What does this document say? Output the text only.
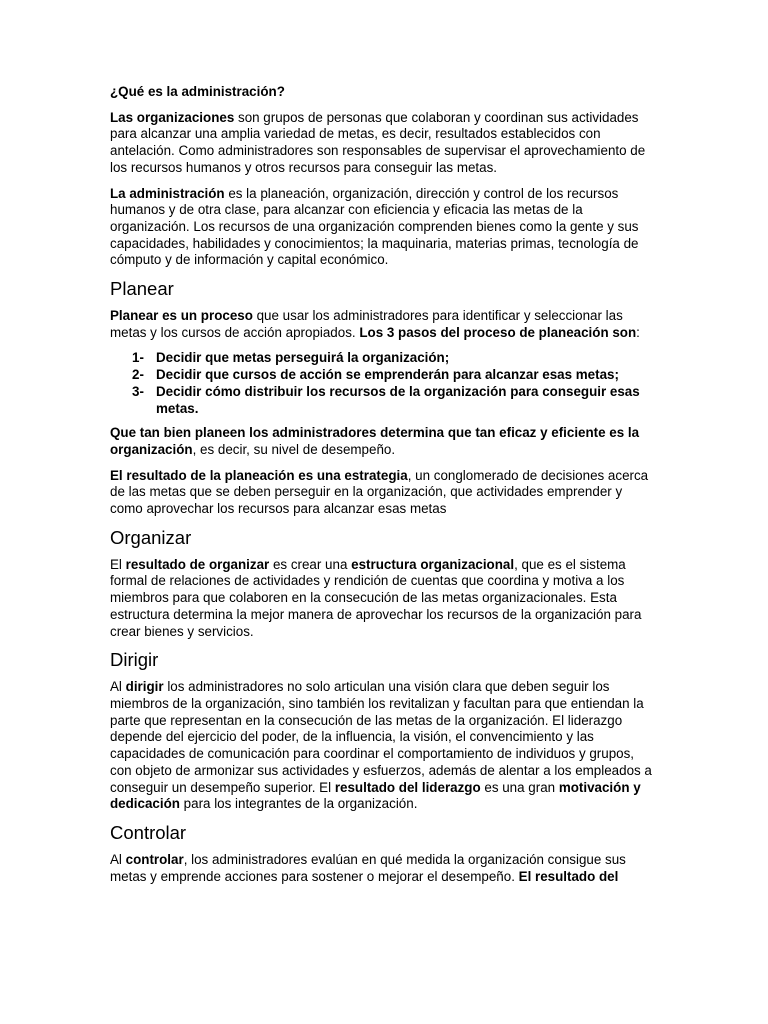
¿Qué es la administración?

Las organizaciones son grupos de personas que colaboran y coordinan sus actividades para alcanzar una amplia variedad de metas, es decir, resultados establecidos con antelación. Como administradores son responsables de supervisar el aprovechamiento de los recursos humanos y otros recursos para conseguir las metas.

La administración es la planeación, organización, dirección y control de los recursos humanos y de otra clase, para alcanzar con eficiencia y eficacia las metas de la organización. Los recursos de una organización comprenden bienes como la gente y sus capacidades, habilidades y conocimientos; la maquinaria, materias primas, tecnología de cómputo y de información y capital económico.

Planear

Planear es un proceso que usar los administradores para identificar y seleccionar las metas y los cursos de acción apropiados. Los 3 pasos del proceso de planeación son:

1- Decidir que metas perseguirá la organización;
2- Decidir que cursos de acción se emprenderán para alcanzar esas metas;
3- Decidir cómo distribuir los recursos de la organización para conseguir esas metas.

Que tan bien planeen los administradores determina que tan eficaz y eficiente es la organización, es decir, su nivel de desempeño.

El resultado de la planeación es una estrategia, un conglomerado de decisiones acerca de las metas que se deben perseguir en la organización, que actividades emprender y como aprovechar los recursos para alcanzar esas metas

Organizar

El resultado de organizar es crear una estructura organizacional, que es el sistema formal de relaciones de actividades y rendición de cuentas que coordina y motiva a los miembros para que colaboren en la consecución de las metas organizacionales. Esta estructura determina la mejor manera de aprovechar los recursos de la organización para crear bienes y servicios.

Dirigir

Al dirigir los administradores no solo articulan una visión clara que deben seguir los miembros de la organización, sino también los revitalizan y facultan para que entiendan la parte que representan en la consecución de las metas de la organización. El liderazgo depende del ejercicio del poder, de la influencia, la visión, el convencimiento y las capacidades de comunicación para coordinar el comportamiento de individuos y grupos, con objeto de armonizar sus actividades y esfuerzos, además de alentar a los empleados a conseguir un desempeño superior. El resultado del liderazgo es una gran motivación y dedicación para los integrantes de la organización.

Controlar

Al controlar, los administradores evalúan en qué medida la organización consigue sus metas y emprende acciones para sostener o mejorar el desempeño. El resultado del
